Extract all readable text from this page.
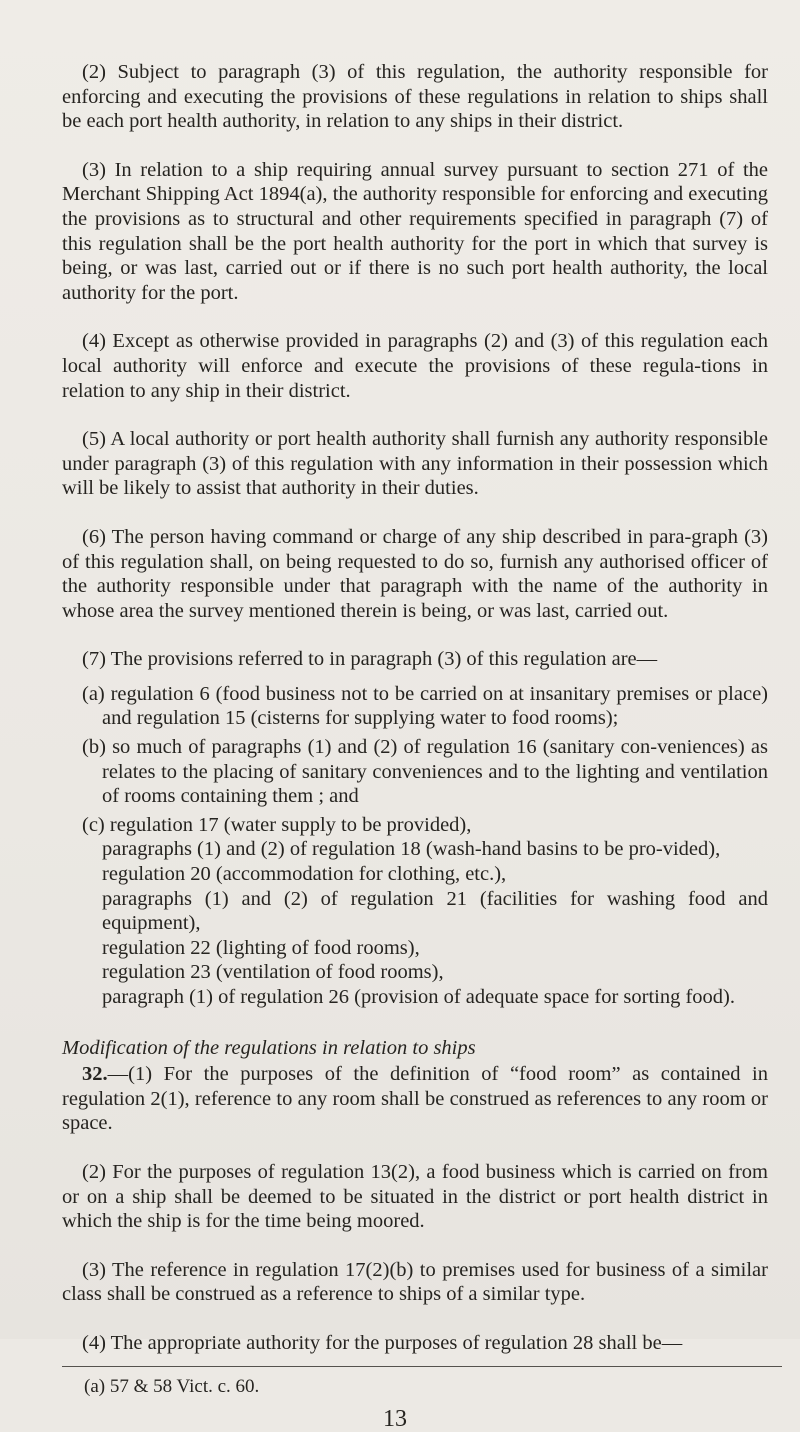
(2) Subject to paragraph (3) of this regulation, the authority responsible for enforcing and executing the provisions of these regulations in relation to ships shall be each port health authority, in relation to any ships in their district.

(3) In relation to a ship requiring annual survey pursuant to section 271 of the Merchant Shipping Act 1894(a), the authority responsible for enforcing and executing the provisions as to structural and other requirements specified in paragraph (7) of this regulation shall be the port health authority for the port in which that survey is being, or was last, carried out or if there is no such port health authority, the local authority for the port.

(4) Except as otherwise provided in paragraphs (2) and (3) of this regulation each local authority will enforce and execute the provisions of these regula-tions in relation to any ship in their district.

(5) A local authority or port health authority shall furnish any authority responsible under paragraph (3) of this regulation with any information in their possession which will be likely to assist that authority in their duties.

(6) The person having command or charge of any ship described in para-graph (3) of this regulation shall, on being requested to do so, furnish any authorised officer of the authority responsible under that paragraph with the name of the authority in whose area the survey mentioned therein is being, or was last, carried out.

(7) The provisions referred to in paragraph (3) of this regulation are—

(a) regulation 6 (food business not to be carried on at insanitary premises or place) and regulation 15 (cisterns for supplying water to food rooms);

(b) so much of paragraphs (1) and (2) of regulation 16 (sanitary con-veniences) as relates to the placing of sanitary conveniences and to the lighting and ventilation of rooms containing them ; and

(c) regulation 17 (water supply to be provided),

paragraphs (1) and (2) of regulation 18 (wash-hand basins to be pro-vided),

regulation 20 (accommodation for clothing, etc.),

paragraphs (1) and (2) of regulation 21 (facilities for washing food and equipment),

regulation 22 (lighting of food rooms),

regulation 23 (ventilation of food rooms),

paragraph (1) of regulation 26 (provision of adequate space for sorting food).

Modification of the regulations in relation to ships

32.—(1) For the purposes of the definition of “food room” as contained in regulation 2(1), reference to any room shall be construed as references to any room or space.

(2) For the purposes of regulation 13(2), a food business which is carried on from or on a ship shall be deemed to be situated in the district or port health district in which the ship is for the time being moored.

(3) The reference in regulation 17(2)(b) to premises used for business of a similar class shall be construed as a reference to ships of a similar type.

(4) The appropriate authority for the purposes of regulation 28 shall be—

(a) 57 & 58 Vict. c. 60.

13
